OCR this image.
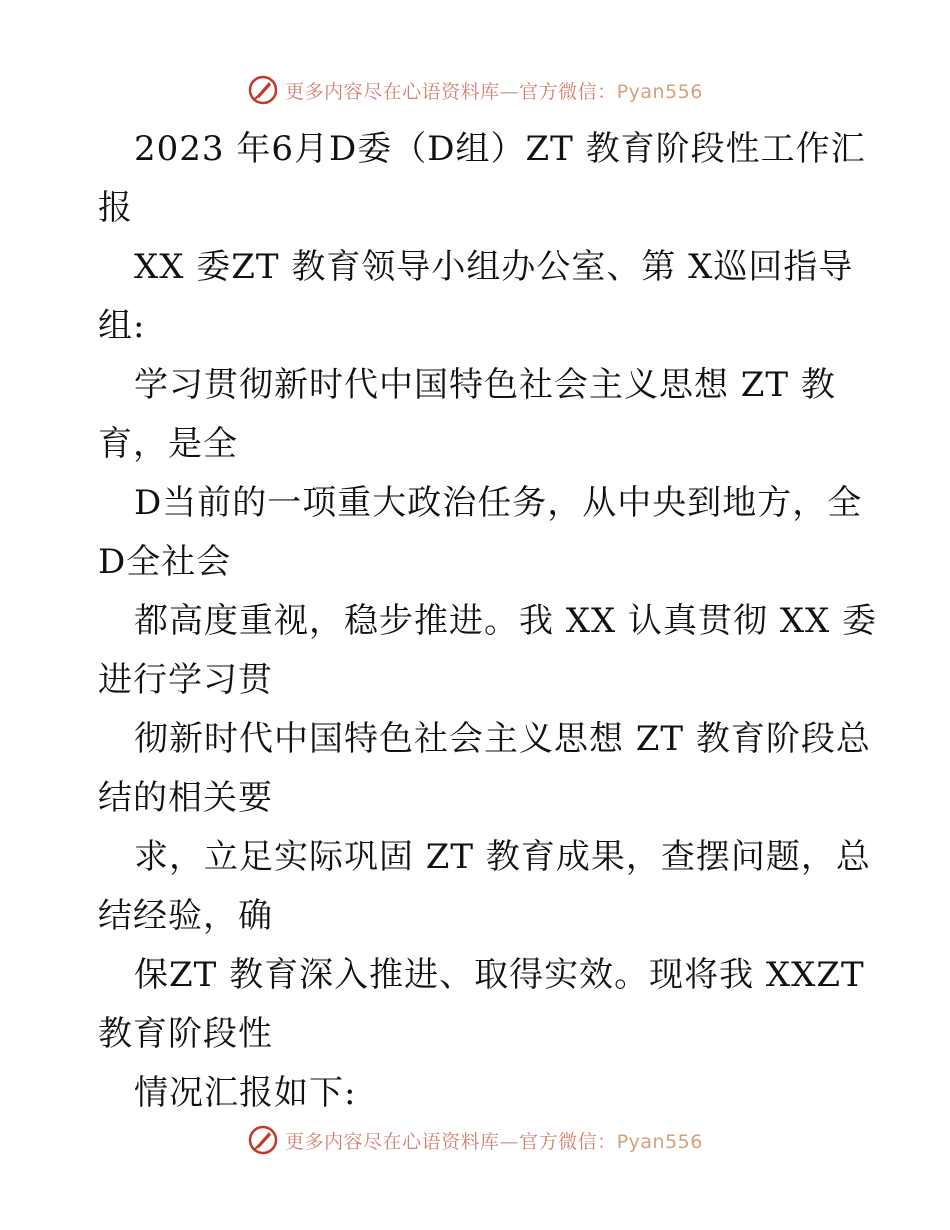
更多内容尽在心语资料库—官方微信：Pyan556

2023 年6月D委（D组）ZT 教育阶段性工作汇
报

XX 委ZT 教育领导小组办公室、第 X巡回指导
组:

学习贯彻新时代中国特色社会主义思想 ZT 教
育，是全

D当前的一项重大政治任务，从中央到地方，全
D全社会

都高度重视，稳步推进。我 XX 认真贯彻 XX 委
进行学习贯

彻新时代中国特色社会主义思想 ZT 教育阶段总
结的相关要

求，立足实际巩固 ZT 教育成果，查摆问题，总
结经验，确

保ZT 教育深入推进、取得实效。现将我 XXZT
教育阶段性

情况汇报如下:

更多内容尽在心语资料库—官方微信：Pyan556
